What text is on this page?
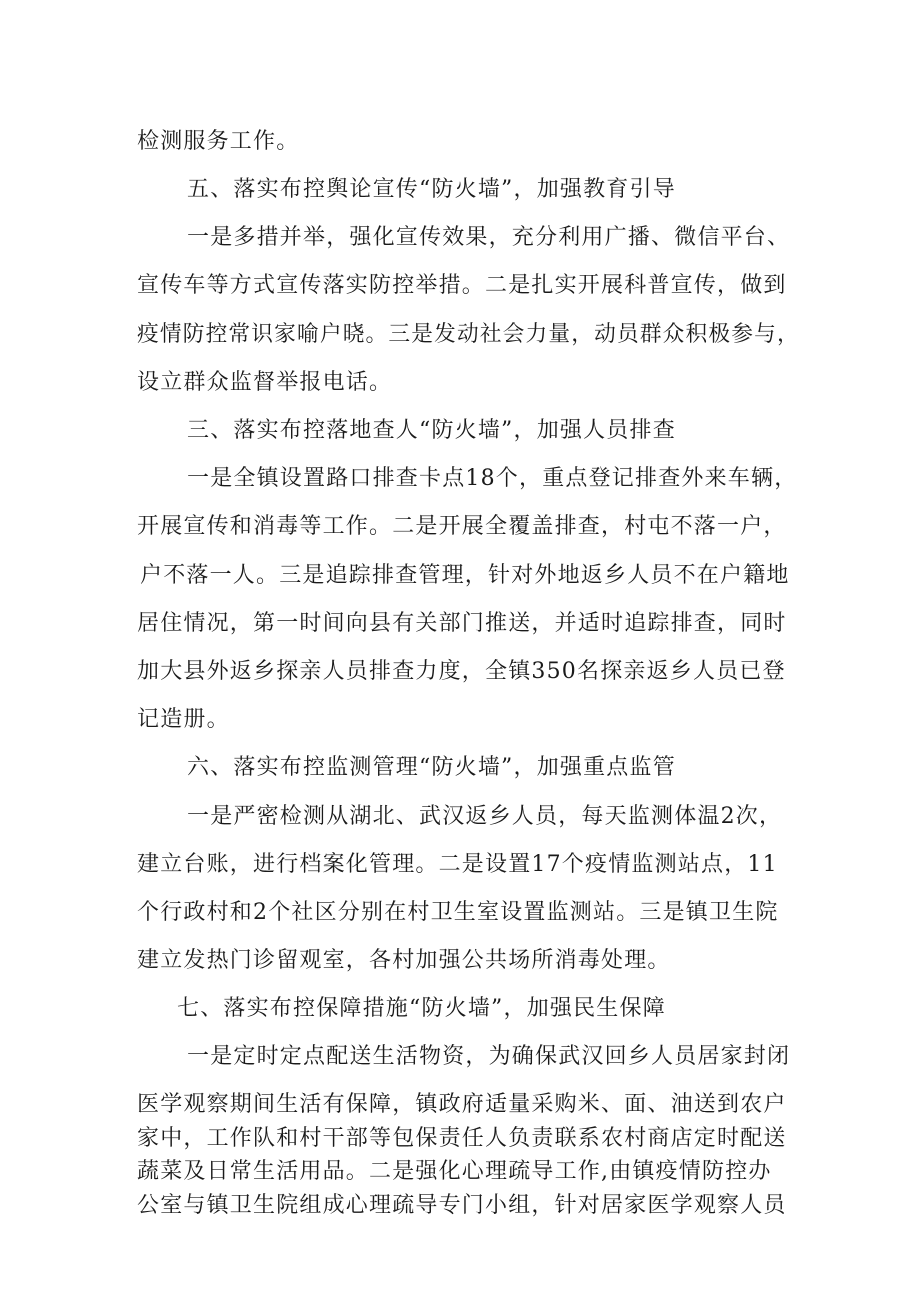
检测服务工作。
五、落实布控舆论宣传“防火墙”，加强教育引导
一是多措并举，强化宣传效果，充分利用广播、微信平台、
宣传车等方式宣传落实防控举措。二是扎实开展科普宣传，做到
疫情防控常识家喻户晓。三是发动社会力量，动员群众积极参与，
设立群众监督举报电话。
三、落实布控落地查人“防火墙”，加强人员排查
一是全镇设置路口排查卡点18个，重点登记排查外来车辆，
开展宣传和消毒等工作。二是开展全覆盖排查，村屯不落一户，
户不落一人。三是追踪排查管理，针对外地返乡人员不在户籍地
居住情况，第一时间向县有关部门推送，并适时追踪排查，同时
加大县外返乡探亲人员排查力度，全镇350名探亲返乡人员已登
记造册。
六、落实布控监测管理“防火墙”，加强重点监管
一是严密检测从湖北、武汉返乡人员，每天监测体温2次，
建立台账，进行档案化管理。二是设置17个疫情监测站点，11
个行政村和2个社区分别在村卫生室设置监测站。三是镇卫生院
建立发热门诊留观室，各村加强公共场所消毒处理。
七、落实布控保障措施“防火墙”，加强民生保障
一是定时定点配送生活物资，为确保武汉回乡人员居家封闭
医学观察期间生活有保障，镇政府适量采购米、面、油送到农户
家中，工作队和村干部等包保责任人负责联系农村商店定时配送
蔬菜及日常生活用品。二是强化心理疏导工作,由镇疫情防控办
公室与镇卫生院组成心理疏导专门小组，针对居家医学观察人员
